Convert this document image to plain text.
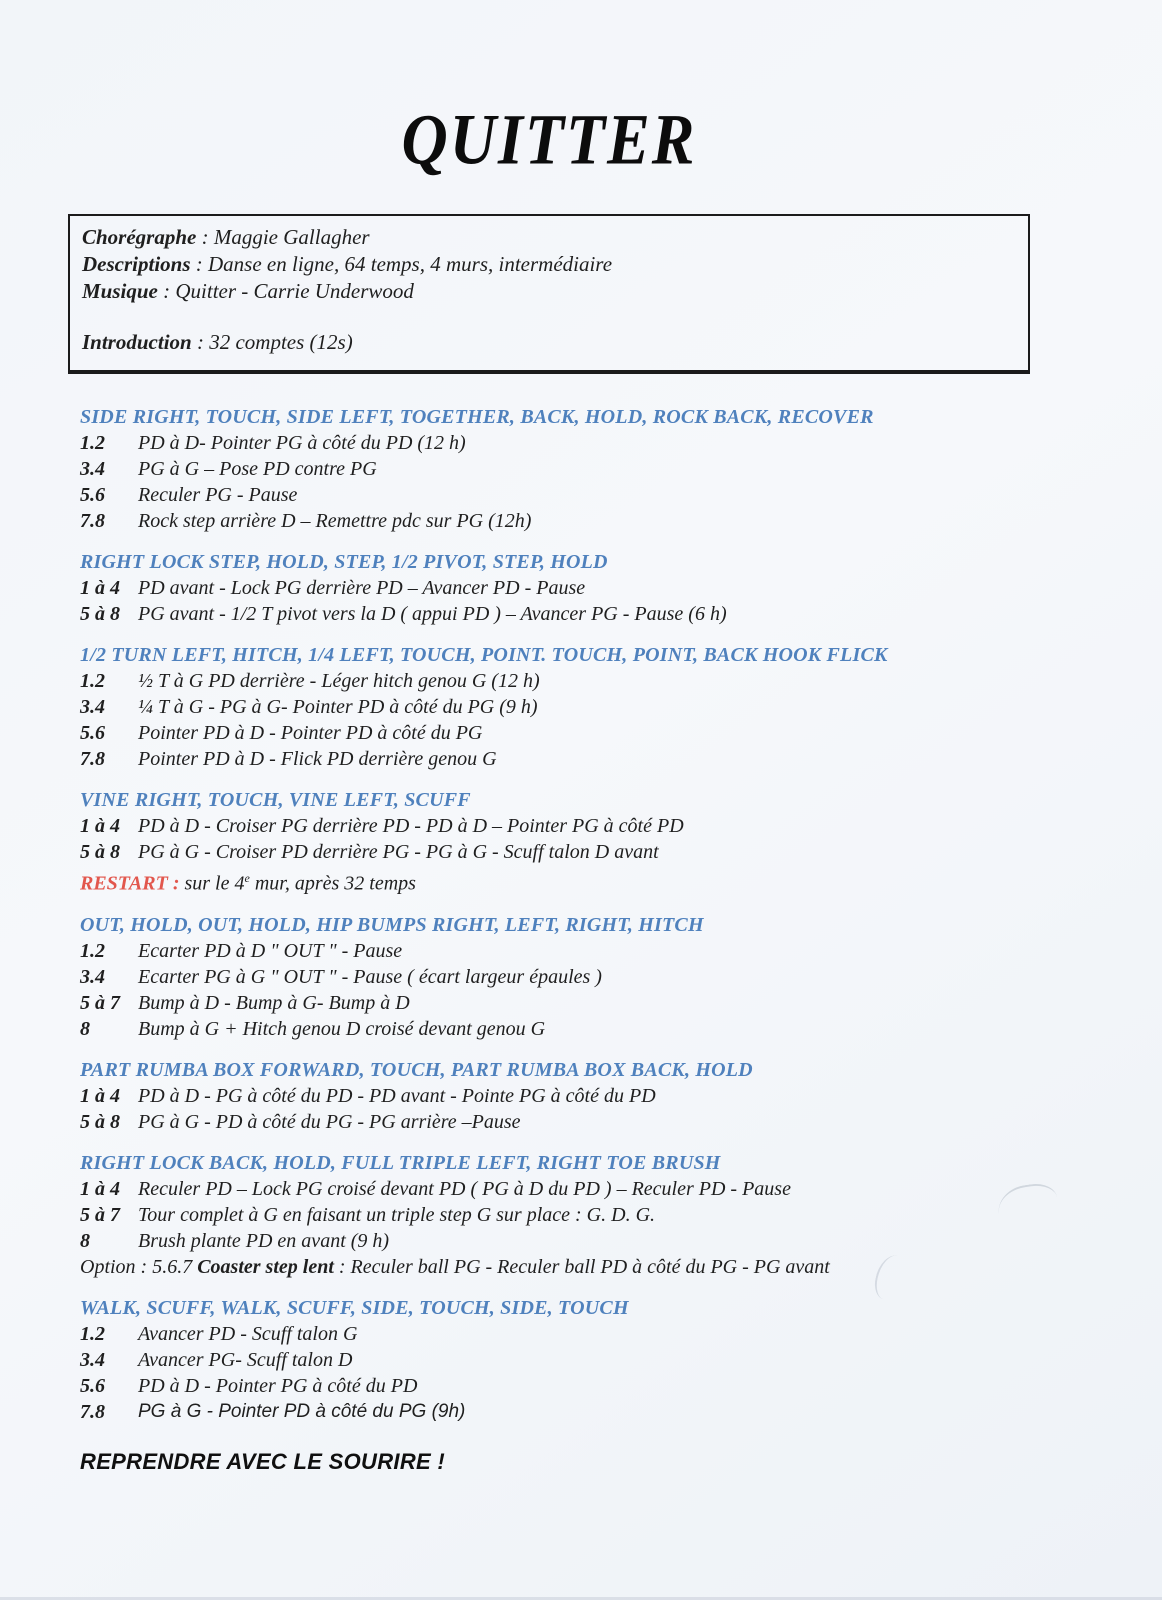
QUITTER
Chorégraphe : Maggie Gallagher
Descriptions : Danse en ligne, 64 temps, 4 murs, intermédiaire
Musique : Quitter - Carrie Underwood
Introduction : 32 comptes (12s)
SIDE RIGHT, TOUCH, SIDE LEFT, TOGETHER, BACK, HOLD, ROCK BACK, RECOVER
1.2	PD à D- Pointer PG à côté du PD (12 h)
3.4	PG à G – Pose PD contre PG
5.6	Reculer PG - Pause
7.8	Rock step arrière D – Remettre pdc sur PG (12h)
RIGHT LOCK STEP, HOLD, STEP, 1/2 PIVOT, STEP, HOLD
1 à 4 PD avant - Lock PG derrière PD – Avancer PD - Pause
5 à 8 PG avant - 1/2 T pivot vers la D ( appui PD ) – Avancer PG - Pause (6 h)
1/2 TURN LEFT, HITCH, 1/4 LEFT, TOUCH, POINT. TOUCH, POINT, BACK HOOK FLICK
1.2	½ T à G PD derrière - Léger hitch genou G (12 h)
3.4	¼ T à G - PG à G- Pointer PD à côté du PG (9 h)
5.6	Pointer PD à D - Pointer PD à côté du PG
7.8	Pointer PD à D - Flick PD derrière genou G
VINE RIGHT, TOUCH, VINE LEFT, SCUFF
1 à 4 PD à D - Croiser PG derrière PD - PD à D – Pointer PG à côté PD
5 à 8 PG à G - Croiser PD derrière PG - PG à G - Scuff talon D avant
RESTART : sur le 4e mur, après 32 temps
OUT, HOLD, OUT, HOLD, HIP BUMPS RIGHT, LEFT, RIGHT, HITCH
1.2	Ecarter PD à D " OUT " - Pause
3.4	Ecarter PG à G " OUT " - Pause ( écart largeur épaules )
5 à 7 Bump à D - Bump à G- Bump à D
8	Bump à G + Hitch genou D croisé devant genou G
PART RUMBA BOX FORWARD, TOUCH, PART RUMBA BOX BACK, HOLD
1 à 4 PD à D - PG à côté du PD - PD avant - Pointe PG à côté du PD
5 à 8 PG à G - PD à côté du PG - PG arrière –Pause
RIGHT LOCK BACK, HOLD, FULL TRIPLE LEFT, RIGHT TOE BRUSH
1 à 4 Reculer PD – Lock PG croisé devant PD ( PG à D du PD ) – Reculer PD - Pause
5 à 7 Tour complet à G en faisant un triple step G sur place : G. D. G.
8	Brush plante PD en avant (9 h)
Option : 5.6.7 Coaster step lent : Reculer ball PG - Reculer ball PD à côté du PG - PG avant
WALK, SCUFF, WALK, SCUFF, SIDE, TOUCH, SIDE, TOUCH
1.2	Avancer PD - Scuff talon G
3.4	Avancer PG- Scuff talon D
5.6	PD à D - Pointer PG à côté du PD
7.8	PG à G - Pointer PD à côté du PG (9h)
REPRENDRE AVEC LE SOURIRE !
